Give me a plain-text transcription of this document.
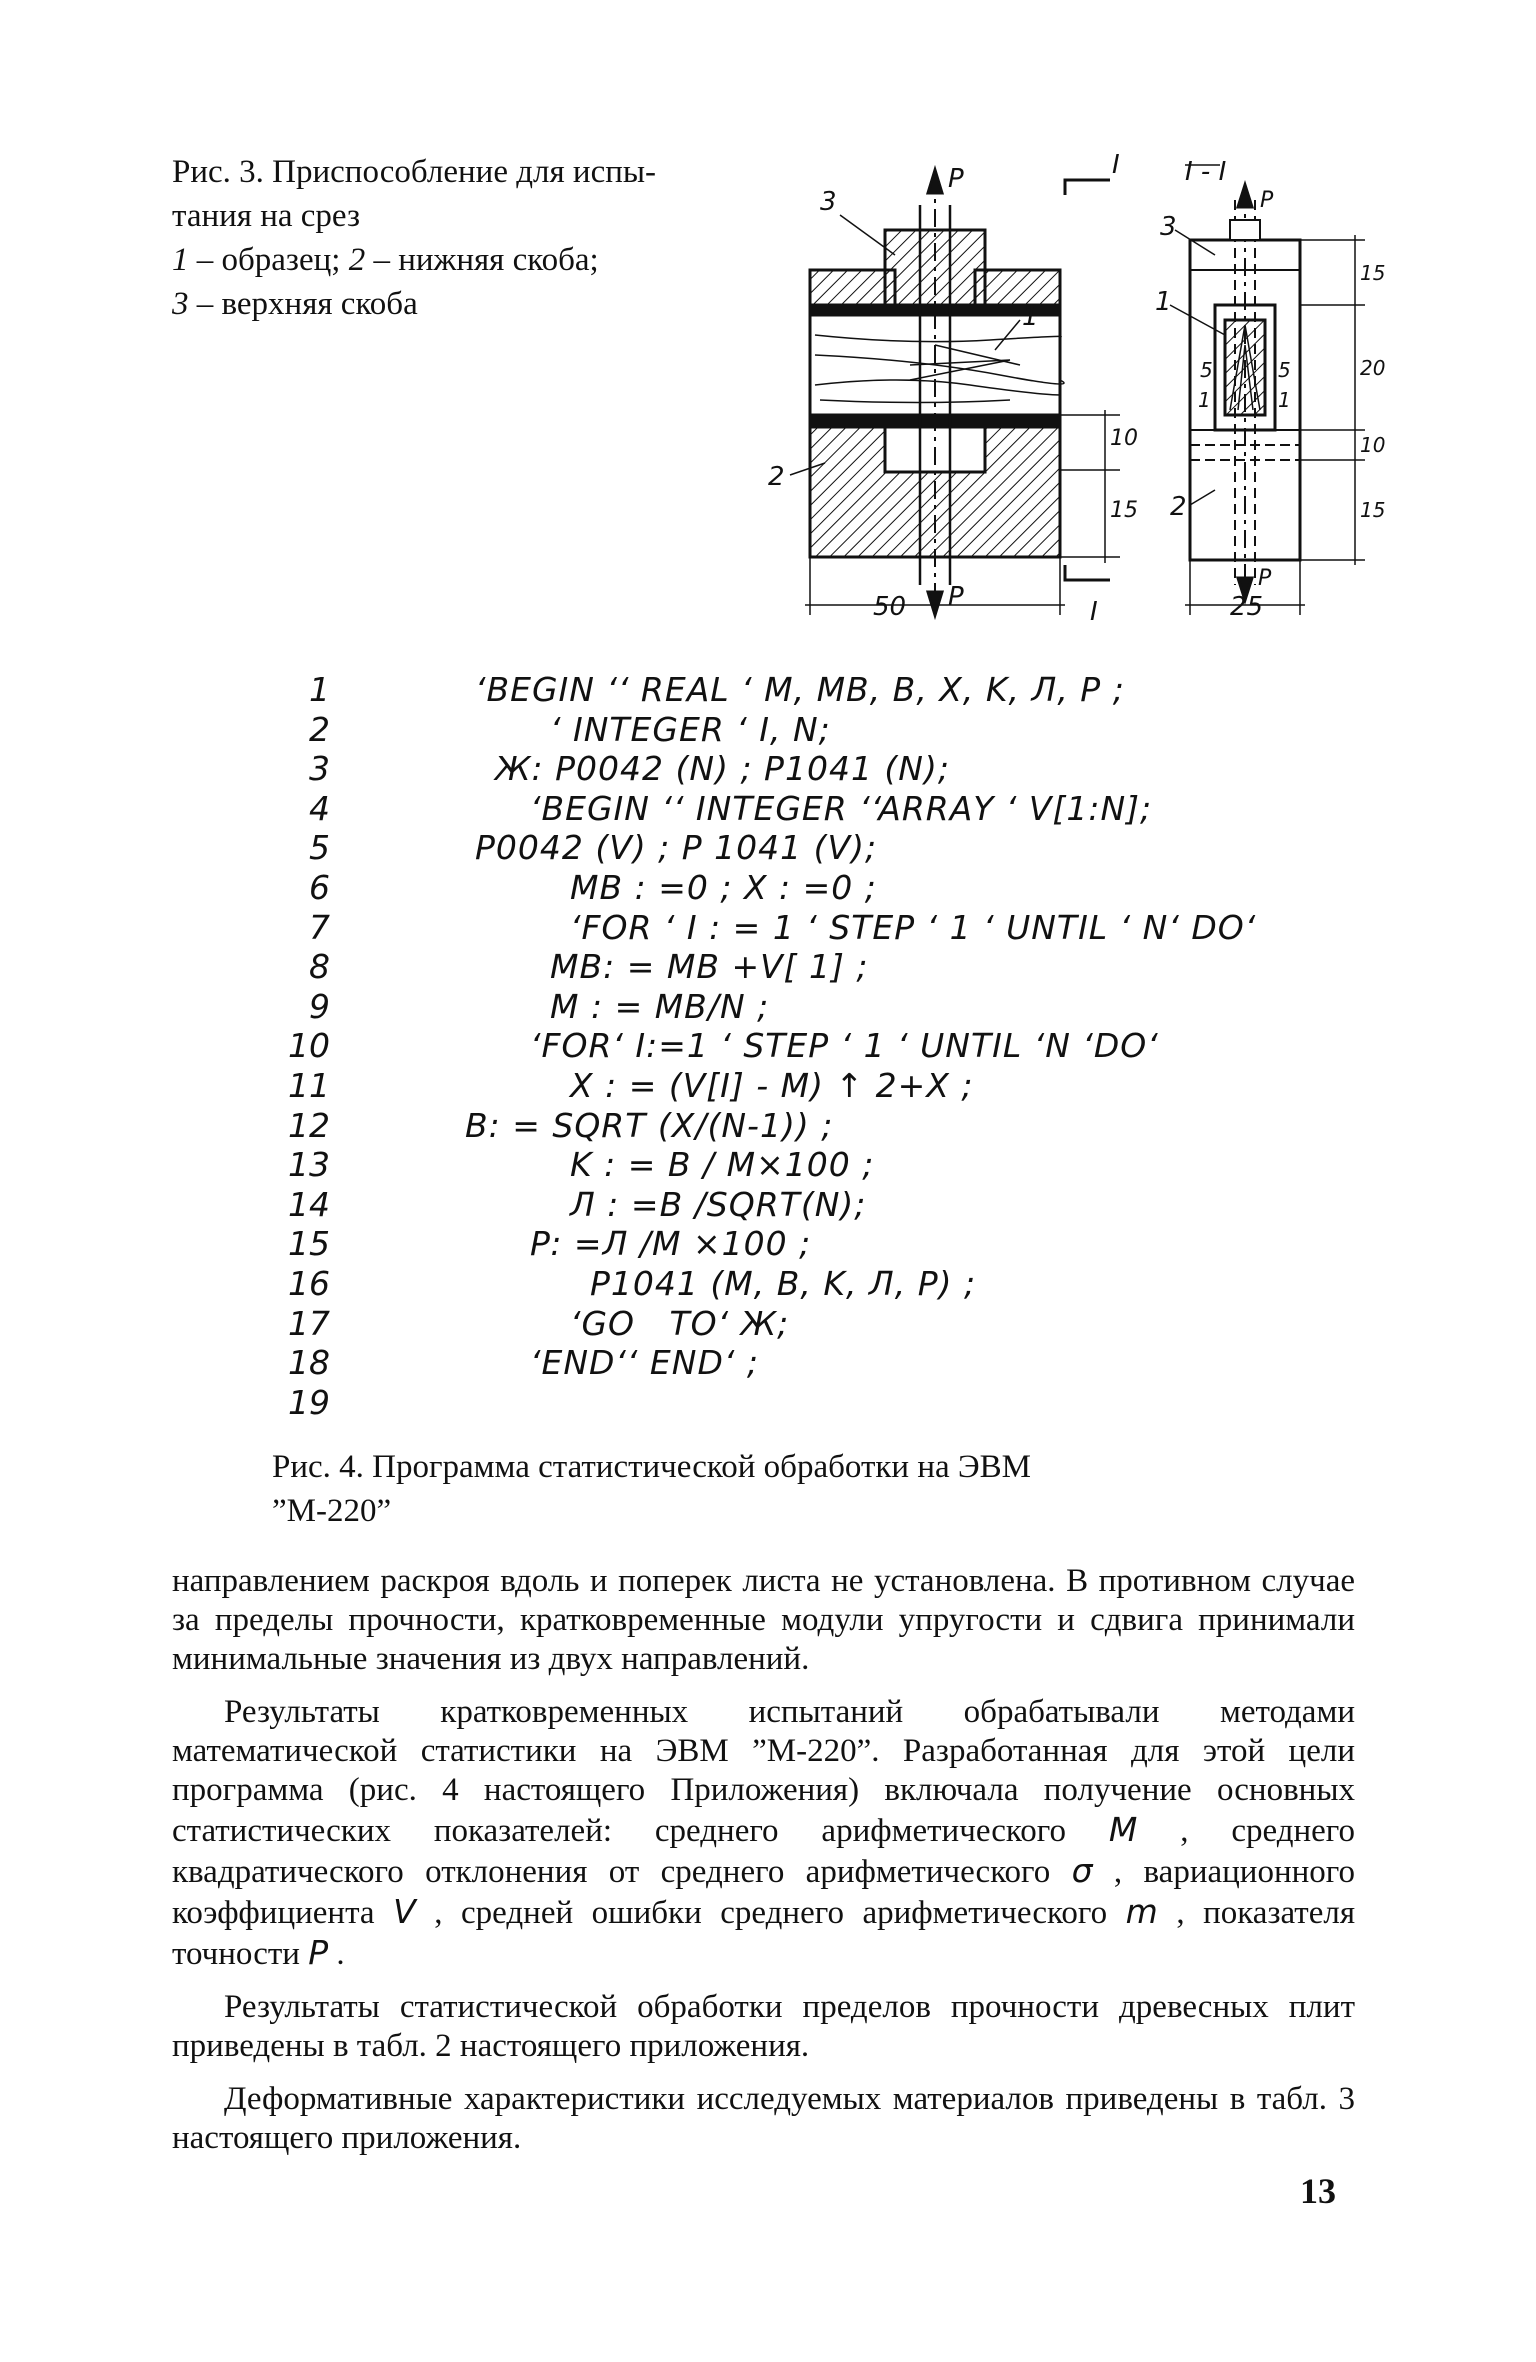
Рис. 3. Приспособление для испы-
тания на срез
1 – образец; 2 – нижняя скоба;
3 – верхняя скоба
P
P
I
I
3
1
2
50
10
15
I - I
P
P
3
1
2
5	5
1	1
25
15
20
10
15
1	‘BEGIN ‘‘ REAL ‘ M, MB, B, X, K, Л, P ;
2	‘ INTEGER ‘ I, N;
3	Ж: P0042 (N) ; P1041 (N);
4	‘BEGIN ‘‘ INTEGER ‘‘ARRAY ‘ V[1:N];
5	P0042 (V) ; P 1041 (V);
6	MB : =0 ; X : =0 ;
7	‘FOR ‘ I : = 1 ‘ STEP ‘ 1 ‘ UNTIL ‘ N‘ DO‘
8	MB: = MB +V[ 1] ;
9	M : = MB/N ;
10	‘FOR‘ I:=1 ‘ STEP ‘ 1 ‘ UNTIL ‘N ‘DO‘
11	X : = (V[I] - M) ↑ 2+X ;
12	B: = SQRT (X/(N-1)) ;
13	K : = B / M×100 ;
14	Л : =B /SQRT(N);
15	P: =Л /M ×100 ;
16	P1041 (M, B, K, Л, P) ;
17	‘GO   TO‘ Ж;
18	‘END‘‘ END‘ ;
19
Рис. 4. Программа статистической обработки на ЭВМ
”М-220”

направлением раскроя вдоль и поперек листа не установлена. В противном случае за пределы прочности, кратковременные модули упругости и сдвига принимали минимальные значения из двух направлений.

Результаты кратковременных испытаний обрабатывали методами математической статистики на ЭВМ ”М-220”. Разработанная для этой цели программа (рис. 4 настоящего Приложения) включала получение основных статистических показателей: среднего арифметического M , среднего квадратического отклонения от среднего арифметического σ , вариационного коэффициента V , средней ошибки среднего арифметического m , показателя точности P .

Результаты статистической обработки пределов прочности древесных плит приведены в табл. 2 настоящего приложения.

Деформативные характеристики исследуемых материалов приведены в табл. 3 настоящего приложения.

13
